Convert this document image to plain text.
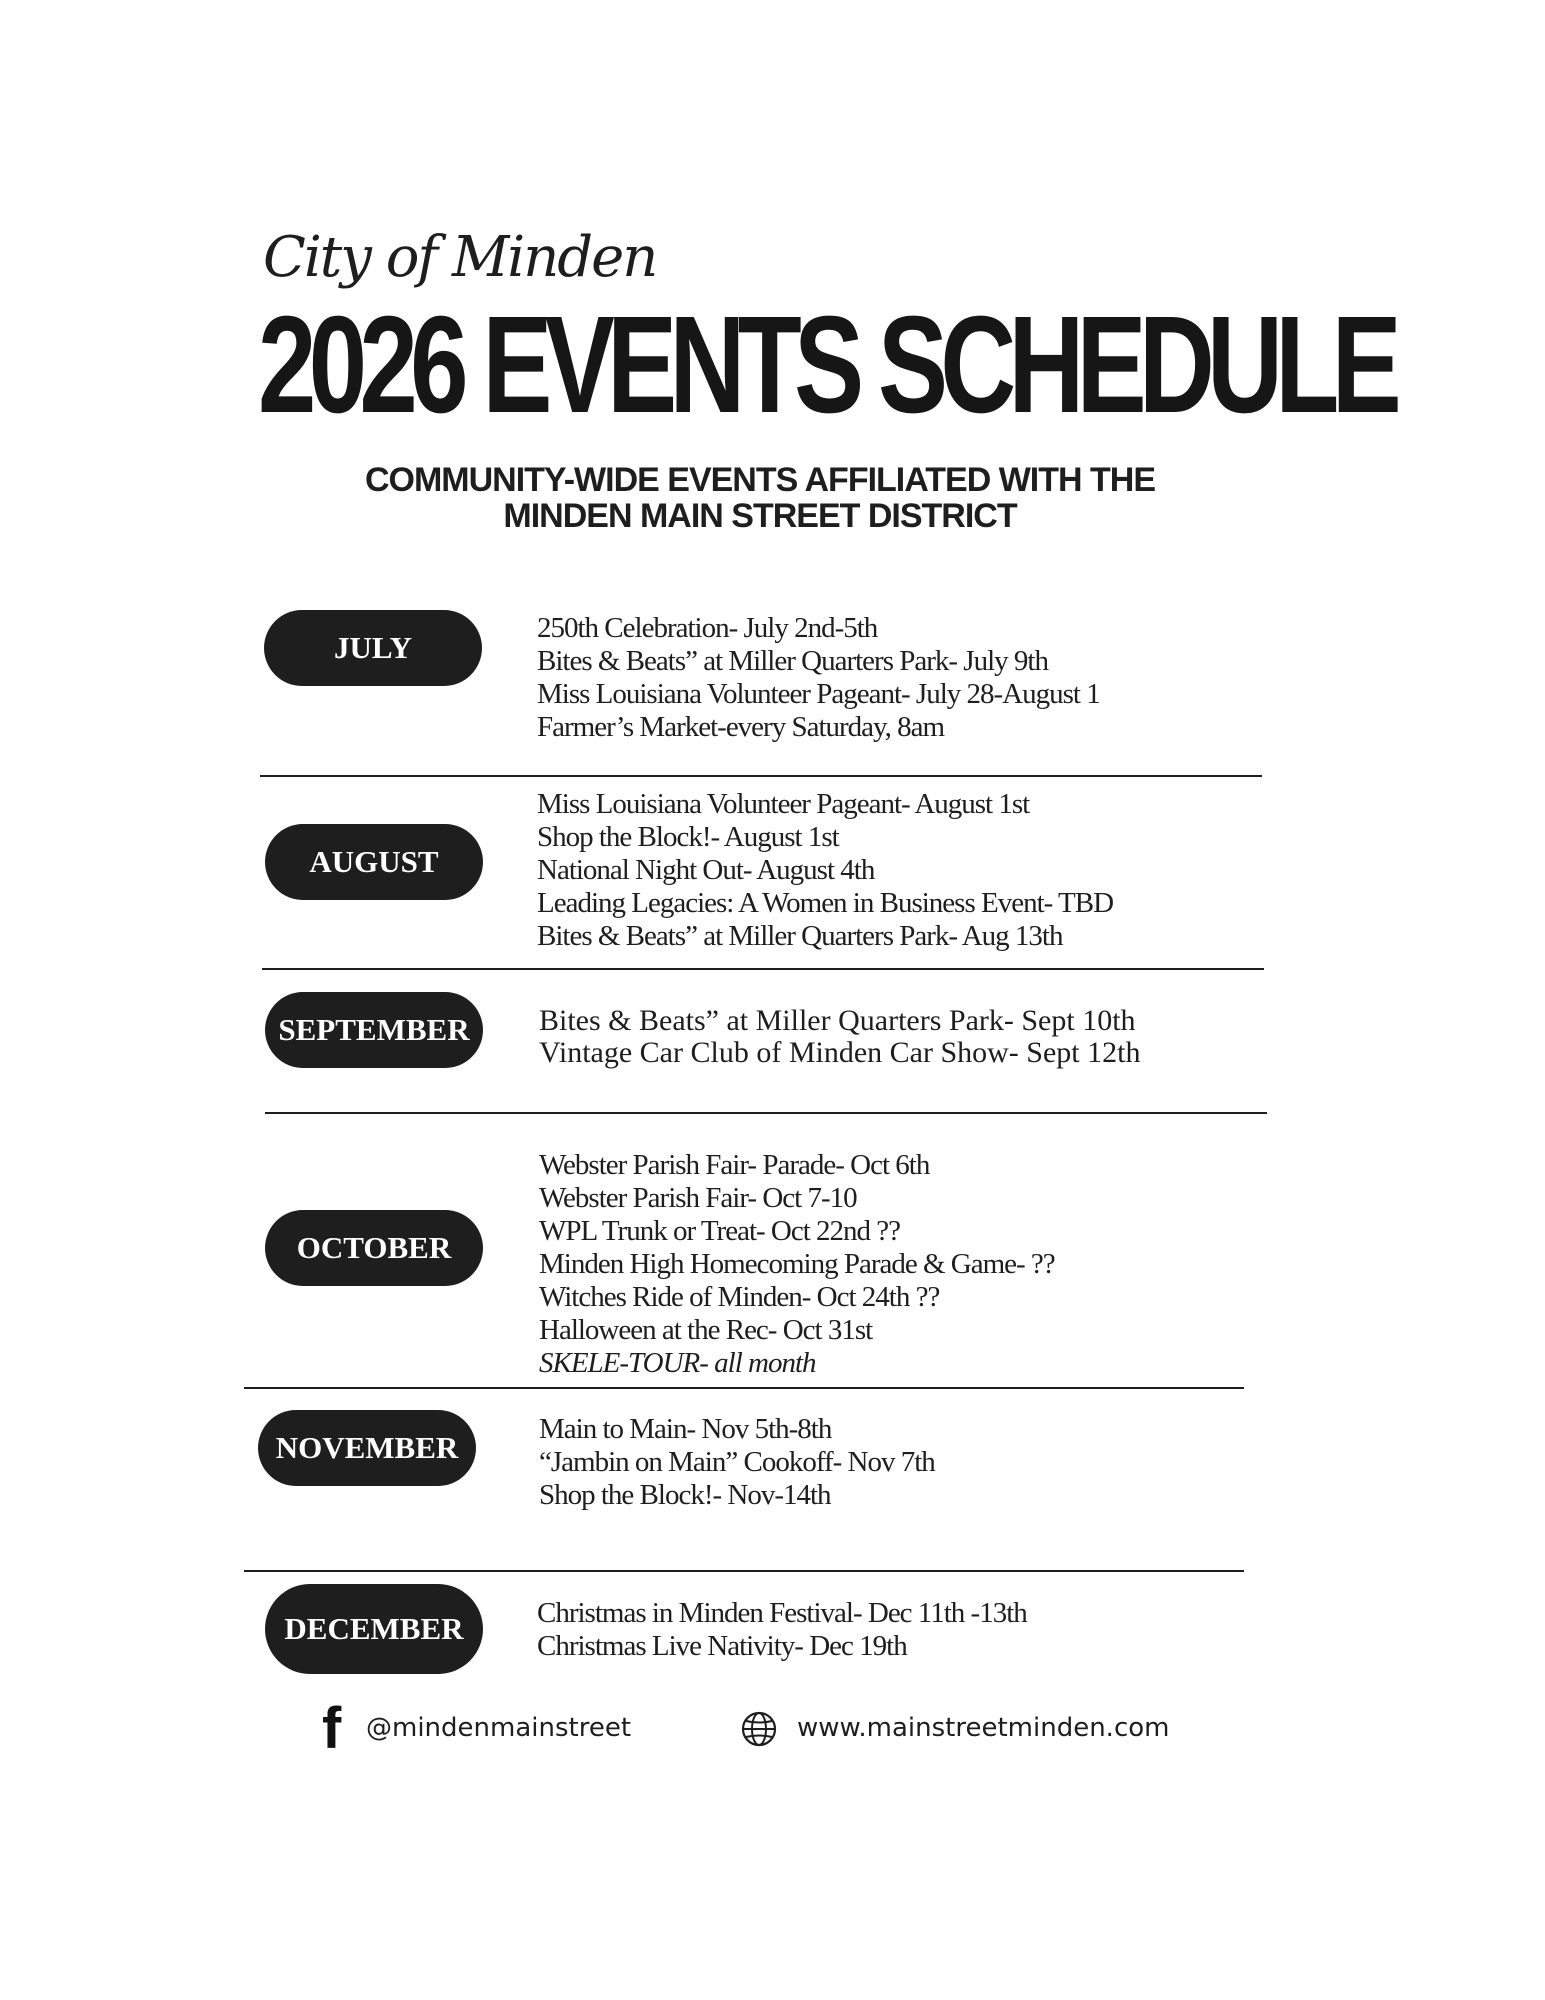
City of Minden
2026 EVENTS SCHEDULE
COMMUNITY-WIDE EVENTS AFFILIATED WITH THE
MINDEN MAIN STREET DISTRICT
JULY
250th Celebration- July 2nd-5th
Bites & Beats” at Miller Quarters Park- July 9th
Miss Louisiana Volunteer Pageant- July 28-August 1
Farmer’s Market-every Saturday, 8am
AUGUST
Miss Louisiana Volunteer Pageant- August 1st
Shop the Block!- August 1st
National Night Out- August 4th
Leading Legacies: A Women in Business Event- TBD
Bites & Beats” at Miller Quarters Park- Aug 13th
SEPTEMBER	Bites & Beats” at Miller Quarters Park- Sept 10th
Vintage Car Club of Minden Car Show- Sept 12th
OCTOBER
Webster Parish Fair- Parade- Oct 6th
Webster Parish Fair- Oct 7-10
WPL Trunk or Treat- Oct 22nd ??
Minden High Homecoming Parade & Game- ??
Witches Ride of Minden- Oct 24th ??
Halloween at the Rec- Oct 31st
SKELE-TOUR- all month
NOVEMBER
Main to Main- Nov 5th-8th
“Jambin on Main” Cookoff- Nov 7th
Shop the Block!- Nov-14th
DECEMBER	Christmas in Minden Festival- Dec 11th -13th
Christmas Live Nativity- Dec 19th
f @mindenmainstreet	www.mainstreetminden.com
